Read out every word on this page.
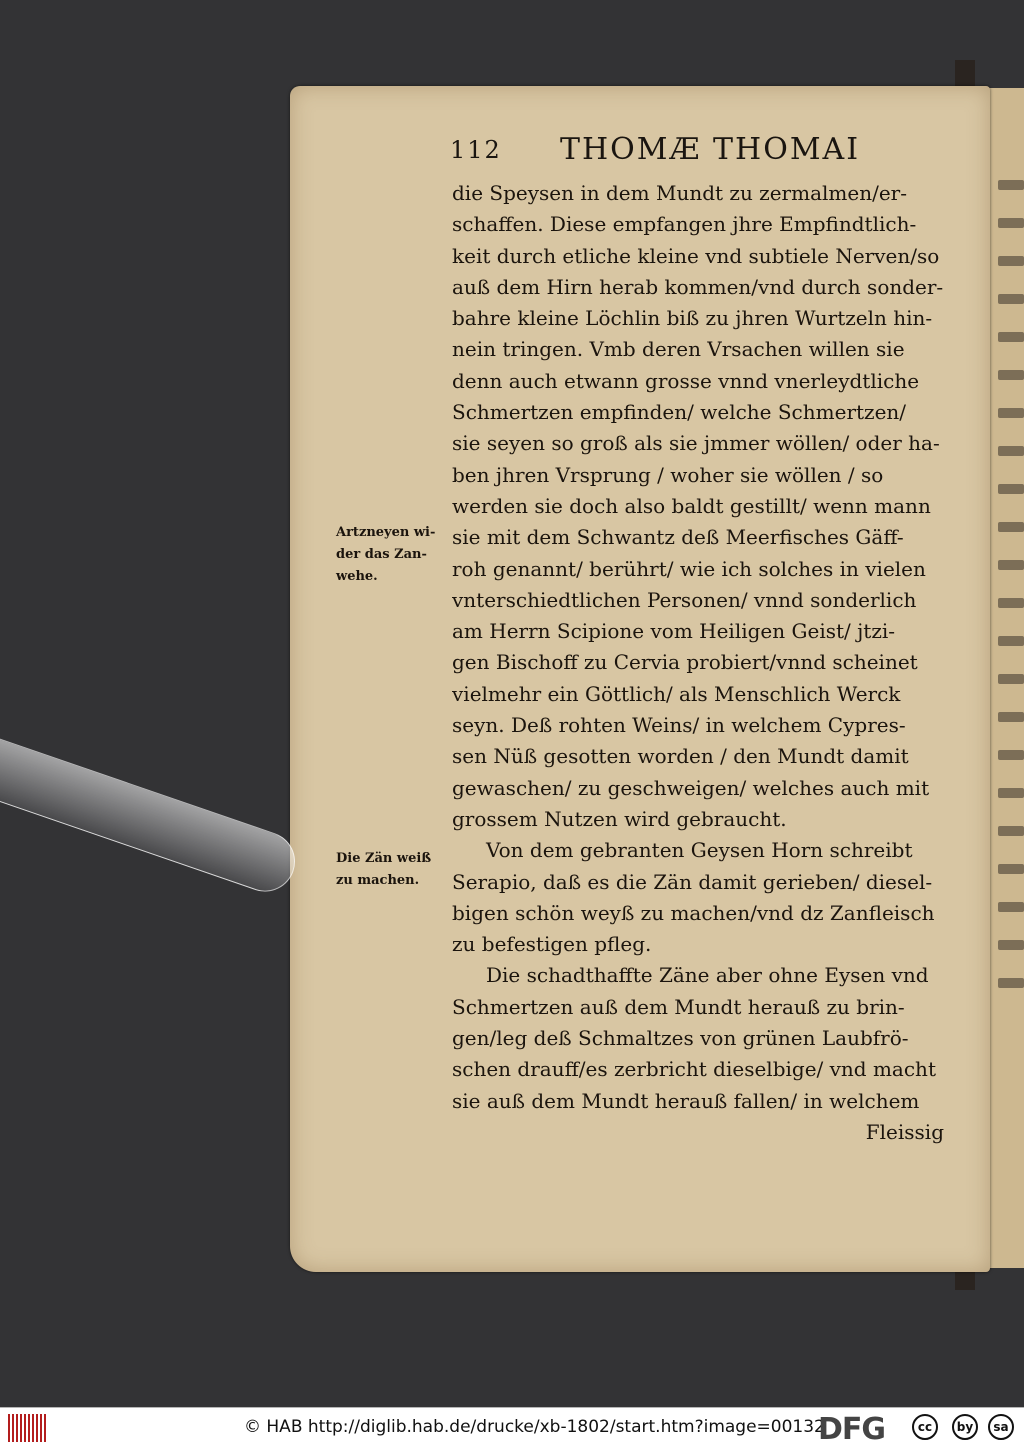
112 THOMÆ THOMAI
die Speysen in dem Mundt zu zermalmen/er-
schaffen. Diese empfangen jhre Empfindtlich-
keit durch etliche kleine vnd subtiele Nerven/so
auß dem Hirn herab kommen/vnd durch sonder-
bahre kleine Löchlin biß zu jhren Wurtzeln hin-
nein tringen. Vmb deren Vrsachen willen sie
denn auch etwann grosse vnnd vnerleydtliche
Schmertzen empfinden/ welche Schmertzen/
sie seyen so groß als sie jmmer wöllen/ oder ha-
ben jhren Vrsprung / woher sie wöllen / so
werden sie doch also baldt gestillt/ wenn mann
sie mit dem Schwantz deß Meerfisches Gäff-
roh genannt/ berührt/ wie ich solches in vielen
vnterschiedtlichen Personen/ vnnd sonderlich
am Herrn Scipione vom Heiligen Geist/ jtzi-
gen Bischoff zu Cervia probiert/vnnd scheinet
vielmehr ein Göttlich/ als Menschlich Werck
seyn. Deß rohten Weins/ in welchem Cypres-
sen Nüß gesotten worden / den Mundt damit
gewaschen/ zu geschweigen/ welches auch mit
grossem Nutzen wird gebraucht.
Von dem gebranten Geysen Horn schreibt
Serapio, daß es die Zän damit gerieben/ diesel-
bigen schön weyß zu machen/vnd dz Zanfleisch
zu befestigen pfleg.
Die schadthaffte Zäne aber ohne Eysen vnd
Schmertzen auß dem Mundt herauß zu brin-
gen/leg deß Schmaltzes von grünen Laubfrö-
schen drauff/es zerbricht dieselbige/ vnd macht
sie auß dem Mundt herauß fallen/ in welchem
Fleissig
Artzneyen wi-
der das Zan-
wehe.
Die Zän weiß
zu machen.
© HAB http://diglib.hab.de/drucke/xb-1802/start.htm?image=00132
DFG	cc	by	sa
